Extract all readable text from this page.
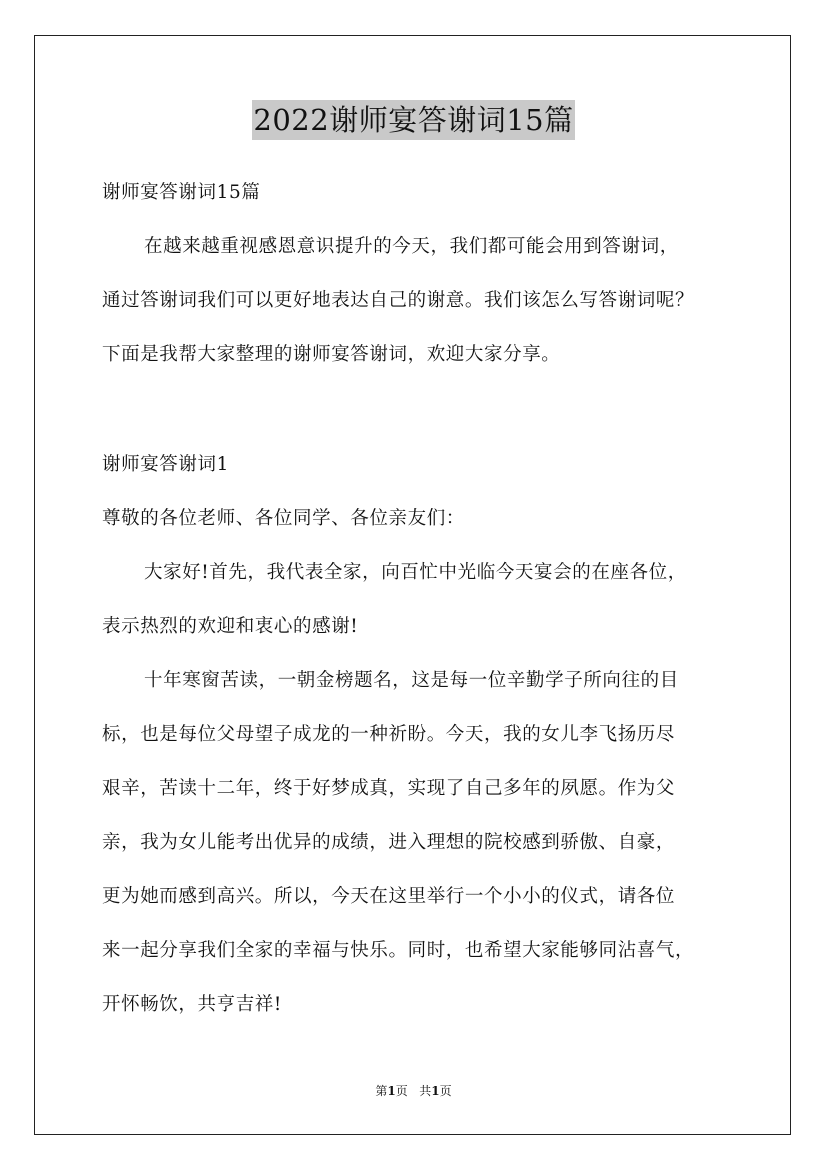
2022谢师宴答谢词15篇
谢师宴答谢词15篇
在越来越重视感恩意识提升的今天，我们都可能会用到答谢词，
通过答谢词我们可以更好地表达自己的谢意。我们该怎么写答谢词呢？
下面是我帮大家整理的谢师宴答谢词，欢迎大家分享。
谢师宴答谢词1
尊敬的各位老师、各位同学、各位亲友们：
大家好!首先，我代表全家，向百忙中光临今天宴会的在座各位，
表示热烈的欢迎和衷心的感谢!
十年寒窗苦读，一朝金榜题名，这是每一位辛勤学子所向往的目
标，也是每位父母望子成龙的一种祈盼。今天，我的女儿李飞扬历尽
艰辛，苦读十二年，终于好梦成真，实现了自己多年的夙愿。作为父
亲，我为女儿能考出优异的成绩，进入理想的院校感到骄傲、自豪，
更为她而感到高兴。所以，今天在这里举行一个小小的仪式，请各位
来一起分享我们全家的幸福与快乐。同时，也希望大家能够同沾喜气，
开怀畅饮，共亨吉祥!
第1页   共1页
